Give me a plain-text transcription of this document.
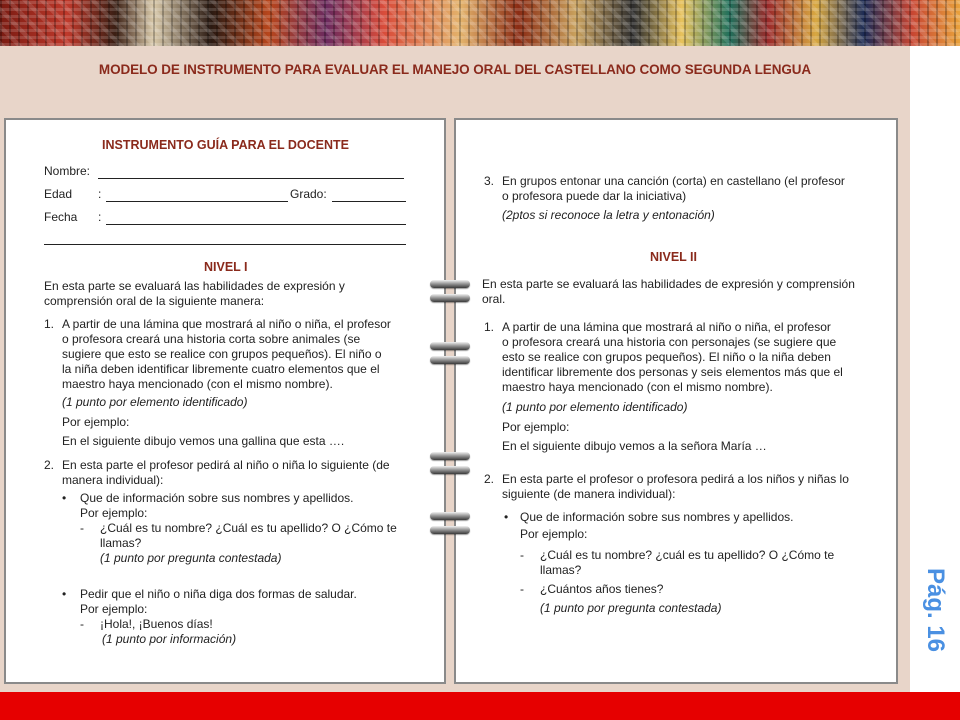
MODELO DE INSTRUMENTO PARA EVALUAR EL MANEJO ORAL DEL CASTELLANO COMO SEGUNDA LENGUA
Pág. 16
INSTRUMENTO GUÍA PARA EL DOCENTE
Nombre:
Edad :	Grado:
Fecha :
NIVEL I
En esta parte se evaluará las habilidades de expresión y
comprensión oral de la siguiente manera:
1. A partir de una lámina que mostrará al niño o niña, el profesor
o profesora creará una historia corta sobre animales (se
sugiere que esto se realice con grupos pequeños). El niño o
la niña deben identificar libremente cuatro elementos que el
maestro haya mencionado (con el mismo nombre).
(1 punto por elemento identificado)
Por ejemplo:
En el siguiente dibujo vemos una gallina que esta ….
2. En esta parte el profesor pedirá al niño o niña lo siguiente (de
manera individual):
• Que de información sobre sus nombres y apellidos.
Por ejemplo:
- ¿Cuál es tu nombre? ¿Cuál es tu apellido? O ¿Cómo te
llamas?
(1 punto por pregunta contestada)
• Pedir que el niño o niña diga dos formas de saludar.
Por ejemplo:
- ¡Hola!, ¡Buenos días!
(1 punto por información)
3. En grupos entonar una canción (corta) en castellano (el profesor
o profesora puede dar la iniciativa)
(2ptos si reconoce la letra y entonación)
NIVEL II
En esta parte se evaluará las habilidades de expresión y comprensión
oral.
1. A partir de una lámina que mostrará al niño o niña, el profesor
o profesora creará una historia con personajes (se sugiere que
esto se realice con grupos pequeños). El niño o la niña deben
identificar libremente dos personas y seis elementos más que el
maestro haya mencionado (con el mismo nombre).
(1 punto por elemento identificado)
Por ejemplo:
En el siguiente dibujo vemos a la señora María …
2. En esta parte el profesor o profesora pedirá a los niños y niñas lo
siguiente (de manera individual):
• Que de información sobre sus nombres y apellidos.
Por ejemplo:
- ¿Cuál es tu nombre? ¿cuál es tu apellido? O ¿Cómo te
llamas?
- ¿Cuántos años tienes?
(1 punto por pregunta contestada)
